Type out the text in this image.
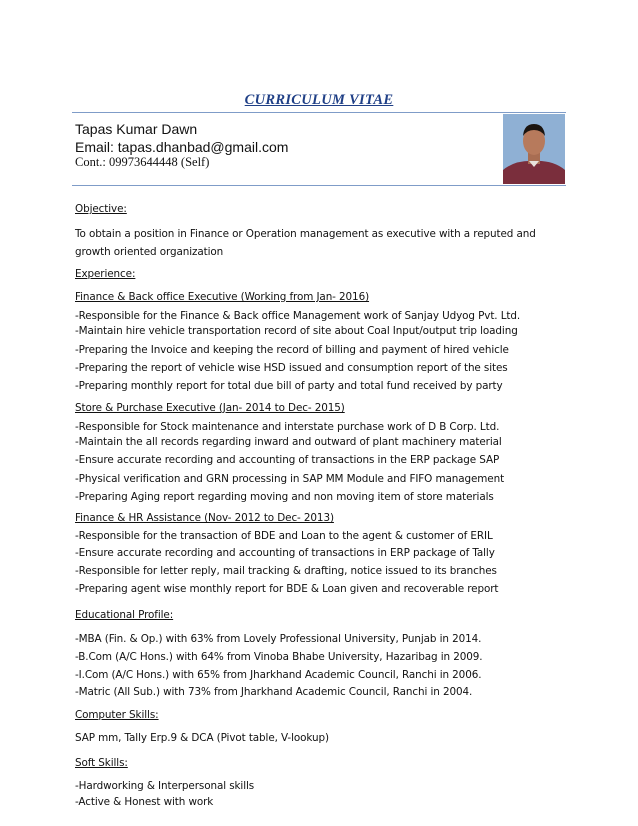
CURRICULUM VITAE
Tapas Kumar Dawn
Email: tapas.dhanbad@gmail.com
Cont.: 09973644448 (Self)
Objective:
To obtain a position in Finance or Operation management as executive with a reputed and
growth oriented organization
Experience:
Finance & Back office Executive (Working from Jan- 2016)
-Responsible for the Finance & Back office Management work of Sanjay Udyog Pvt. Ltd.
-Maintain hire vehicle transportation record of site about Coal Input/output trip loading
-Preparing the Invoice and keeping the record of billing and payment of hired vehicle
-Preparing the report of vehicle wise HSD issued and consumption report of the sites
-Preparing monthly report for total due bill of party and total fund received by party
Store & Purchase Executive (Jan- 2014 to Dec- 2015)
-Responsible for Stock maintenance and interstate purchase work of D B Corp. Ltd.
-Maintain the all records regarding inward and outward of plant machinery material
-Ensure accurate recording and accounting of transactions in the ERP package SAP
-Physical verification and GRN processing in SAP MM Module and FIFO management
-Preparing Aging report regarding moving and non moving item of store materials
Finance & HR Assistance (Nov- 2012 to Dec- 2013)
-Responsible for the transaction of BDE and Loan to the agent & customer of ERIL
-Ensure accurate recording and accounting of transactions in ERP package of Tally
-Responsible for letter reply, mail tracking & drafting, notice issued to its branches
-Preparing agent wise monthly report for BDE & Loan given and recoverable report
Educational Profile:
-MBA (Fin. & Op.) with 63% from Lovely Professional University, Punjab in 2014.
-B.Com (A/C Hons.) with 64% from Vinoba Bhabe University, Hazaribag in 2009.
-I.Com (A/C Hons.) with 65% from Jharkhand Academic Council, Ranchi in 2006.
-Matric (All Sub.) with 73% from Jharkhand Academic Council, Ranchi in 2004.
Computer Skills:
SAP mm, Tally Erp.9 & DCA (Pivot table, V-lookup)
Soft Skills:
-Hardworking & Interpersonal skills
-Active & Honest with work
